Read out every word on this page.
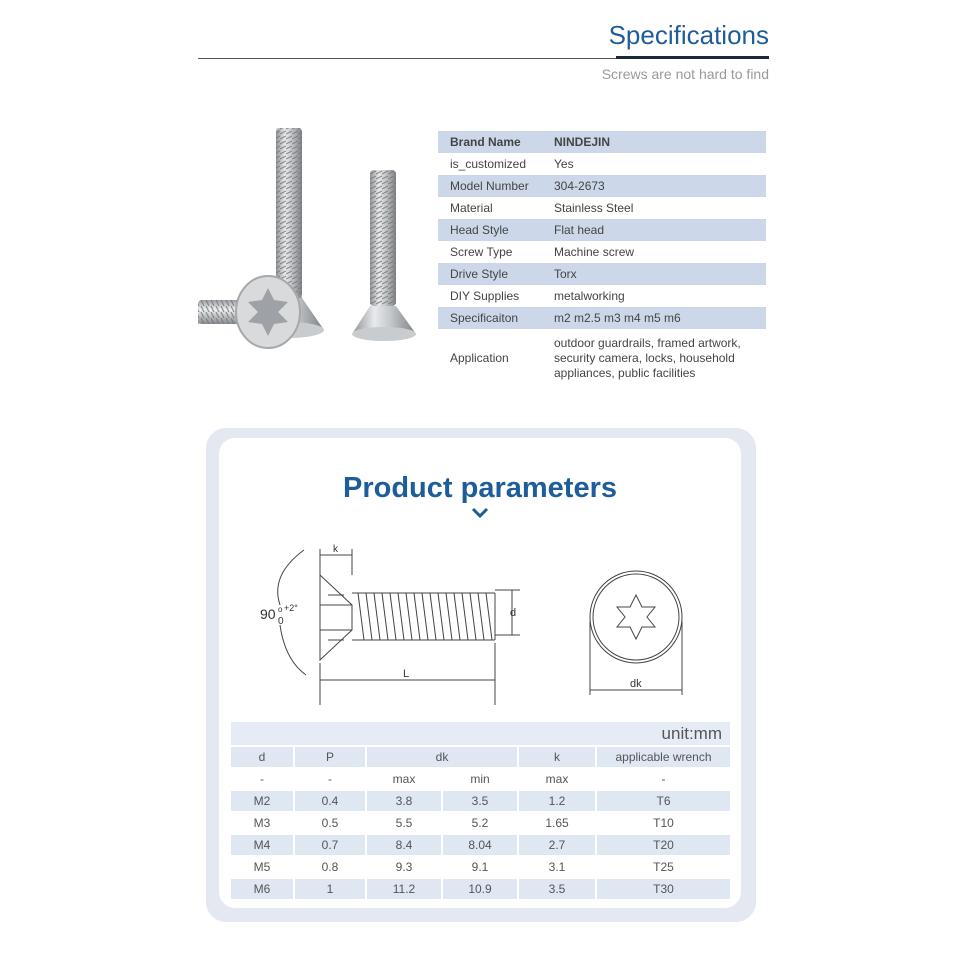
Specifications
Screws are not hard to find
Brand Name	NINDEJIN
is_customized	Yes
Model Number	304-2673
Material	Stainless Steel
Head Style	Flat head
Screw Type	Machine screw
Drive Style	Torx
DIY Supplies	metalworking
Specificaiton	m2 m2.5 m3 m4 m5 m6
Application	outdoor guardrails, framed artwork,
security camera, locks, household
appliances, public facilities
Product parameters
k
90 +2°
o
0
d
L
dk
unit:mm
d	P	dk		k	applicable wrench
-	-	max	min	max	-
M2	0.4	3.8	3.5	1.2	T6
M3	0.5	5.5	5.2	1.65	T10
M4	0.7	8.4	8.04	2.7	T20
M5	0.8	9.3	9.1	3.1	T25
M6	1	11.2	10.9	3.5	T30
